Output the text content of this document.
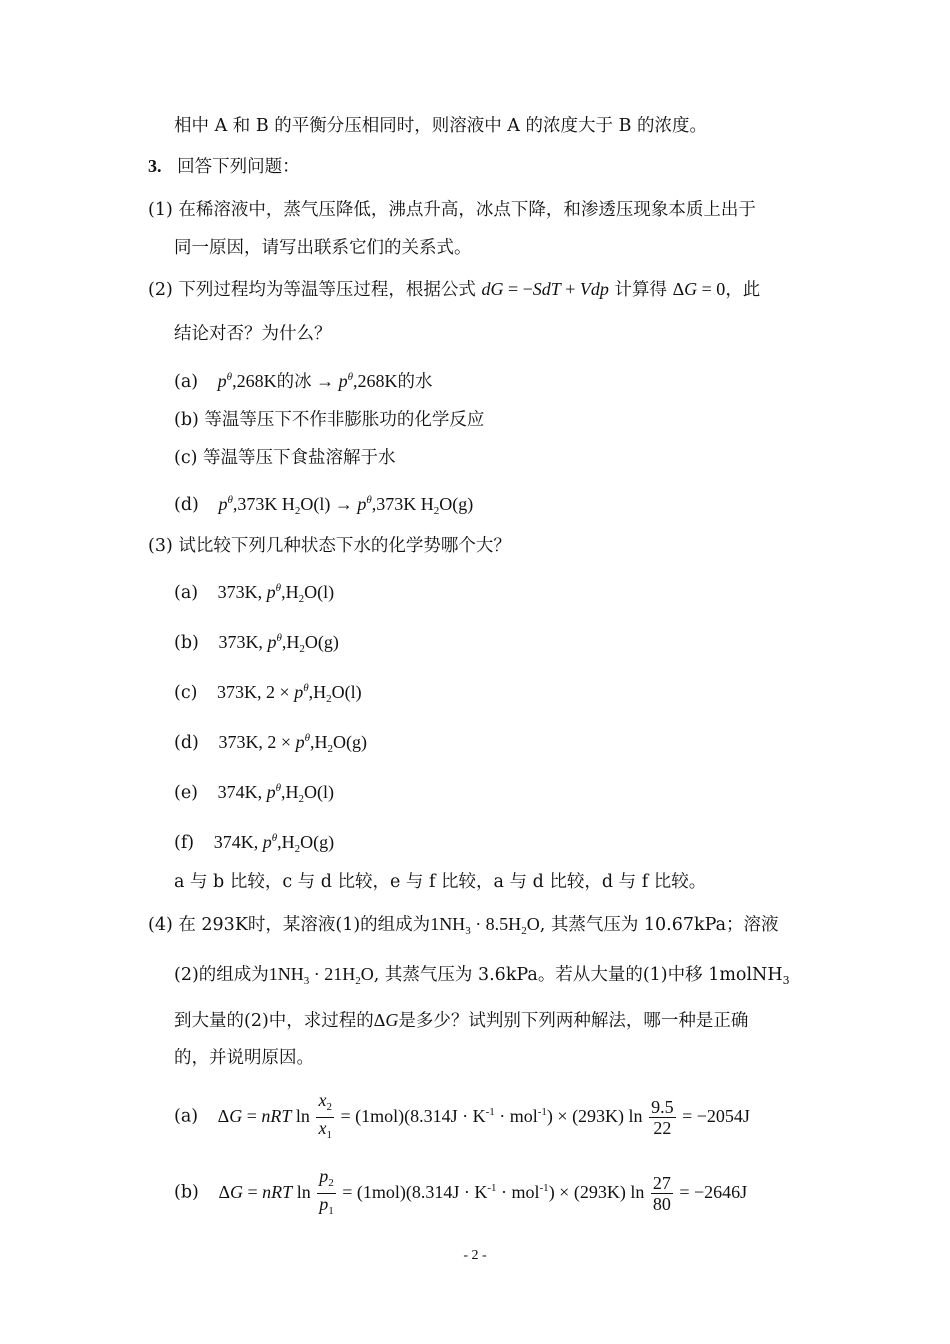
相中 A 和 B 的平衡分压相同时，则溶液中 A 的浓度大于 B 的浓度。
3. 回答下列问题：
(1) 在稀溶液中，蒸气压降低，沸点升高，冰点下降，和渗透压现象本质上出于
同一原因，请写出联系它们的关系式。
(2) 下列过程均为等温等压过程，根据公式 dG = −SdT + Vdp 计算得 ΔG = 0，此
结论对否？为什么？
(a) $p^\theta,268K$的冰 → $p^\theta,268K$的水
(b) 等温等压下不作非膨胀功的化学反应
(c) 等温等压下食盐溶解于水
(d) $p^\theta,373K$ $H_2O(l) \to p^\theta,373K$ $H_2O(g)$
(3) 试比较下列几种状态下水的化学势哪个大？
(a) 373K, $p^\theta,H_2O(l)$
(b) 373K, $p^\theta,H_2O(g)$
(c) 373K, $2 \times p^\theta,H_2O(l)$
(d) 373K, $2 \times p^\theta,H_2O(g)$
(e) 374K, $p^\theta,H_2O(l)$
(f) 374K, $p^\theta,H_2O(g)$
a 与 b 比较，c 与 d 比较，e 与 f 比较，a 与 d 比较，d 与 f 比较。
(4) 在 293K时，某溶液(1)的组成为$1NH_3 \cdot 8.5H_2O$, 其蒸气压为 10.67kPa；溶液
(2)的组成为$1NH_3 \cdot 21H_2O$, 其蒸气压为 3.6kPa。若从大量的(1)中移 1molNH$_3$
到大量的(2)中，求过程的ΔG是多少？试判别下列两种解法，哪一种是正确
的，并说明原因。
(a) ΔG = nRT $\ln \frac{x_2}{x_1} = (1mol)(8.314J \cdot K^{-1} \cdot mol^{-1}) \times (293K)$ $\ln \frac{9.5}{22} = -2054J$
(b) ΔG = nRT $\ln \frac{p_2}{p_1} = (1mol)(8.314J \cdot K^{-1} \cdot mol^{-1}) \times (293K)$ $\ln \frac{27}{80} = -2646J$
- 2 -
